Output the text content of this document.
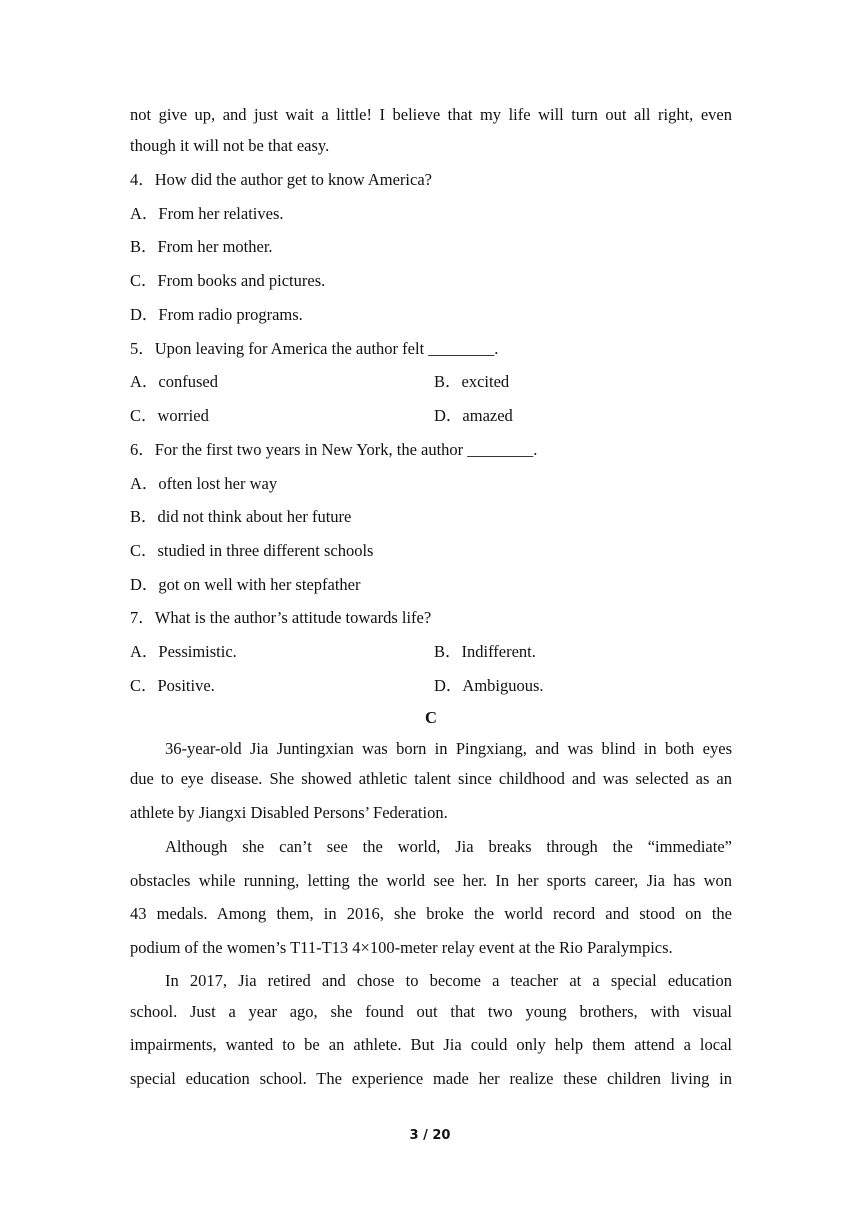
not give up, and just wait a little! I believe that my life will turn out all right, even
though it will not be that easy.
4．How did the author get to know America?
A．From her relatives.
B．From her mother.
C．From books and pictures.
D．From radio programs.
5．Upon leaving for America the author felt ________.
A．confused	B．excited
C．worried	D．amazed
6．For the first two years in New York, the author ________.
A．often lost her way
B．did not think about her future
C．studied in three different schools
D．got on well with her stepfather
7．What is the author’s attitude towards life?
A．Pessimistic.	B．Indifferent.
C．Positive.	D．Ambiguous.
C
36-year-old Jia Juntingxian was born in Pingxiang, and was blind in both eyes
due to eye disease. She showed athletic talent since childhood and was selected as an
athlete by Jiangxi Disabled Persons’ Federation.
Although she can’t see the world, Jia breaks through the “immediate”
obstacles while running, letting the world see her. In her sports career, Jia has won
43 medals. Among them, in 2016, she broke the world record and stood on the
podium of the women’s T11-T13 4×100-meter relay event at the Rio Paralympics.
In 2017, Jia retired and chose to become a teacher at a special education
school. Just a year ago, she found out that two young brothers, with visual
impairments, wanted to be an athlete. But Jia could only help them attend a local
special education school. The experience made her realize these children living in
3 / 20
